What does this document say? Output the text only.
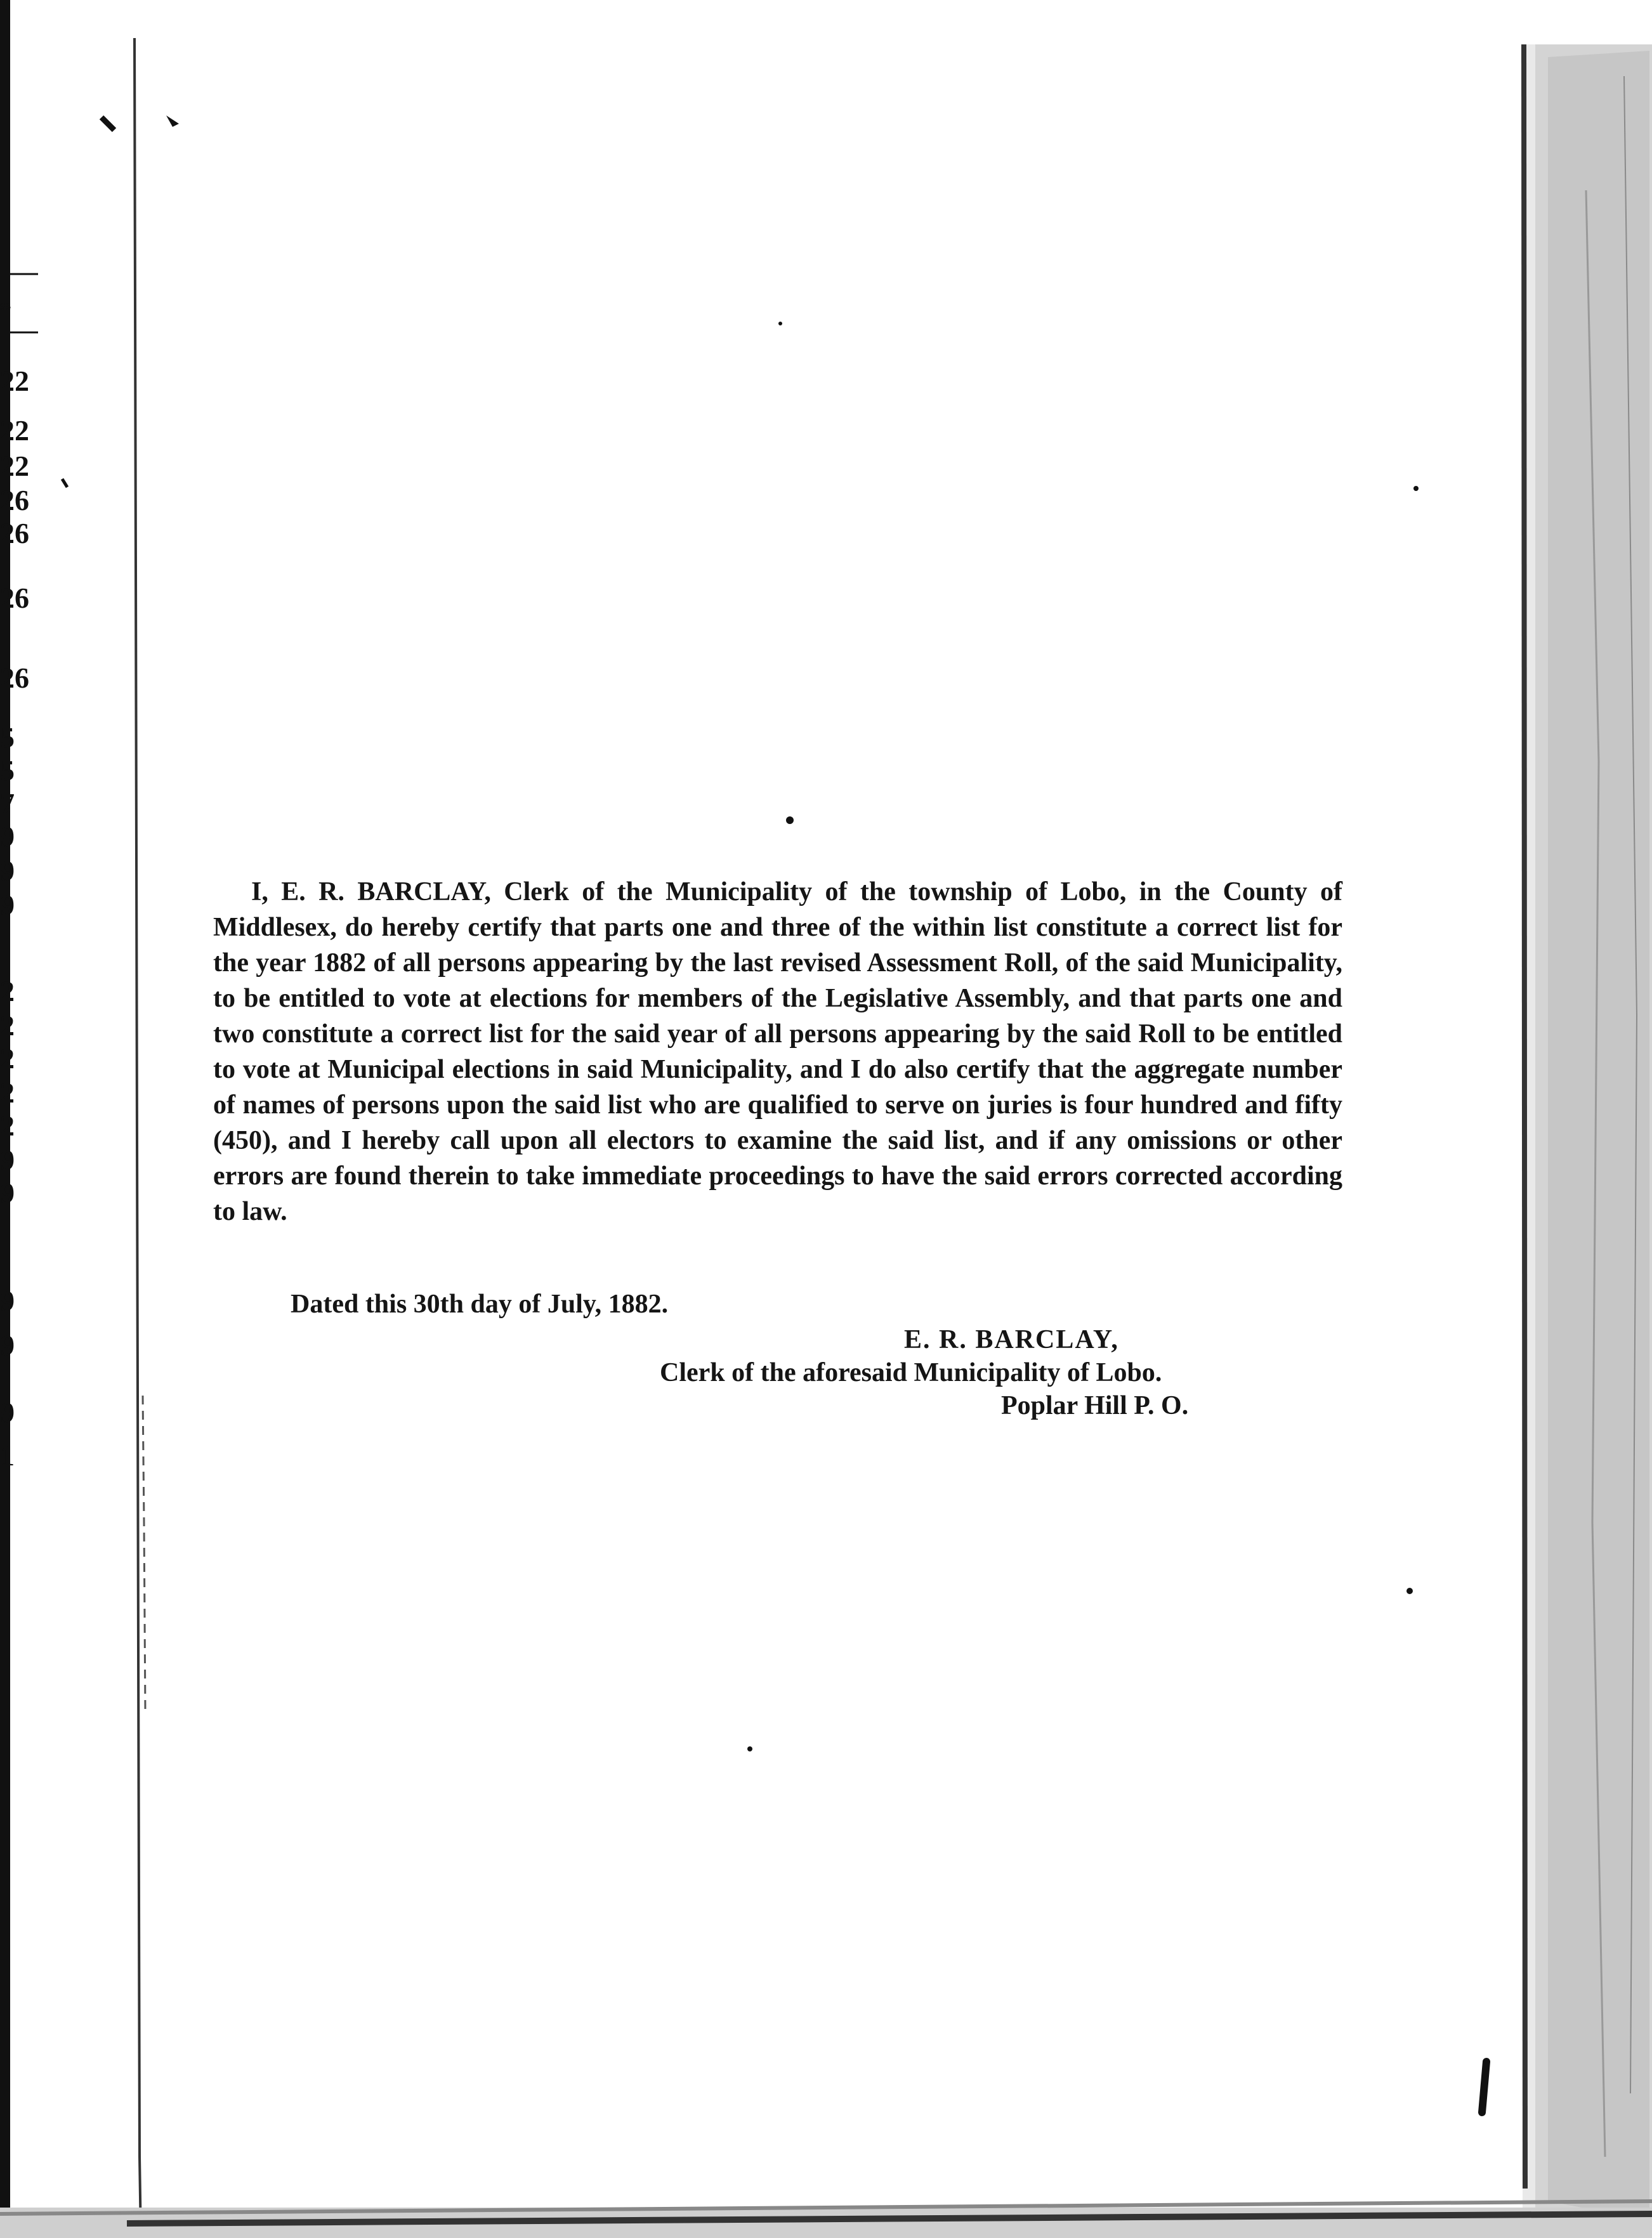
ss
22
22
22
26
26
26
26
5
5
7
9
9
9
2
2
2
2
2
9
9
9
9
9
1

I, E. R. BARCLAY, Clerk of the Municipality of the township of Lobo, in the County of Middlesex, do hereby certify that parts one and three of the within list constitute a correct list for the year 1882 of all persons appearing by the last revised Assessment Roll, of the said Municipality, to be entitled to vote at elections for members of the Legislative Assembly, and that parts one and two constitute a correct list for the said year of all persons appearing by the said Roll to be entitled to vote at Municipal elections in said Municipality, and I do also certify that the aggregate number of names of persons upon the said list who are qualified to serve on juries is four hundred and fifty (450), and I hereby call upon all electors to examine the said list, and if any omissions or other errors are found therein to take immediate proceedings to have the said errors corrected according to law.

Dated this 30th day of July, 1882.
E. R. BARCLAY,
Clerk of the aforesaid Municipality of Lobo.
Poplar Hill P. O.
